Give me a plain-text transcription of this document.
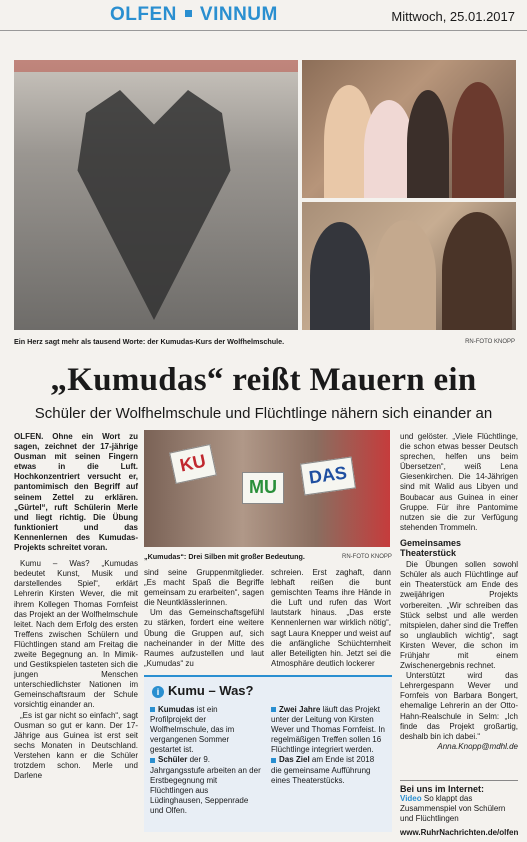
OLFEN VINNUM	Mittwoch, 25.01.2017
Ein Herz sagt mehr als tausend Worte: der Kumudas-Kurs der Wolfhelmschule.	RN-FOTO KNOPP
„Kumudas“ reißt Mauern ein
Schüler der Wolfhelmschule und Flüchtlinge nähern sich einander an

OLFEN. Ohne ein Wort zu sagen, zeichnet der 17-jährige Ousman mit seinen Fingern etwas in die Luft. Hochkonzentriert versucht er, pantomimisch den Begriff auf seinem Zettel zu erklären. „Gürtel“, ruft Schülerin Merle und liegt richtig. Die Übung funktioniert und das Kennenlernen des Kumudas-Projekts schreitet voran.

Kumu – Was? „Kumudas bedeutet Kunst, Musik und darstellendes Spiel“, erklärt Lehrerin Kirsten Wever, die mit ihrem Kollegen Thomas Fornfeist das Projekt an der Wolfhelmschule leitet. Nach dem Erfolg des ersten Treffens zwischen Schülern und Flüchtlingen stand am Freitag die zweite Begegnung an. In Mimik- und Gestikspielen tasteten sich die jungen Menschen unterschiedlichster Nationen im Gemeinschaftsraum der Schule vorsichtig einander an.

„Es ist gar nicht so einfach“, sagt Ousman so gut er kann. Der 17-Jährige aus Guinea ist erst seit sechs Monaten in Deutschland. Verstehen kann er die Schüler trotzdem schon. Merle und Darlene

KU
MU	DAS
„Kumudas“: Drei Silben mit großer Bedeutung.	RN-FOTO KNOPP

sind seine Gruppenmitglieder. „Es macht Spaß die Begriffe gemeinsam zu erarbeiten“, sagen die Neuntklässlerinnen.

Um das Gemeinschaftsgefühl zu stärken, fordert eine weitere Übung die Gruppen auf, sich nacheinander in der Mitte des Raumes aufzustellen und laut „Kumudas“ zu

schreien. Erst zaghaft, dann lebhaft reißen die bunt gemischten Teams ihre Hände in die Luft und rufen das Wort lautstark hinaus. „Das erste Kennenlernen war wirklich nötig“, sagt Laura Knepper und weist auf die anfängliche Schüchternheit aller Beteiligten hin. Jetzt sei die Atmosphäre deutlich lockerer

und gelöster. „Viele Flüchtlinge, die schon etwas besser Deutsch sprechen, helfen uns beim Übersetzen“, weiß Lena Giesenkirchen. Die 14-Jährigen sind mit Walid aus Libyen und Boubacar aus Guinea in einer Gruppe. Für ihre Pantomime nutzen sie die zur Verfügung stehenden Trommeln.

Gemeinsames Theaterstück

Die Übungen sollen sowohl Schüler als auch Flüchtlinge auf ein Theaterstück am Ende des zweijährigen Projekts vorbereiten. „Wir schreiben das Stück selbst und alle werden mitspielen, daher sind die Treffen so unglaublich wichtig“, sagt Kirsten Wever, die schon im Frühjahr mit einem Zwischenergebnis rechnet.

Unterstützt wird das Lehrergespann Wever und Fornfeis von Barbara Bongert, ehemalige Lehrerin an der Otto-Hahn-Realschule in Selm: „Ich finde das Projekt großartig, deshalb bin ich dabei.“

Anna.Knopp@mdhl.de

i Kumu – Was?

Kumudas ist ein Profilprojekt der Wolfhelmschule, das im vergangenen Sommer gestartet ist.

Schüler der 9. Jahrgangsstufe arbeiten an der Erstbegegnung mit Flüchtlingen aus Lüdinghausen, Seppenrade und Olfen.

Zwei Jahre läuft das Projekt unter der Leitung von Kirsten Wever und Thomas Fornfeist. In regelmäßigen Treffen sollen 16 Flüchtlinge integriert werden.

Das Ziel am Ende ist 2018 die gemeinsame Aufführung eines Theaterstücks.

Bei uns im Internet:

Video So klappt das Zusammenspiel von Schülern und Flüchtlingen

www.RuhrNachrichten.de/olfen
